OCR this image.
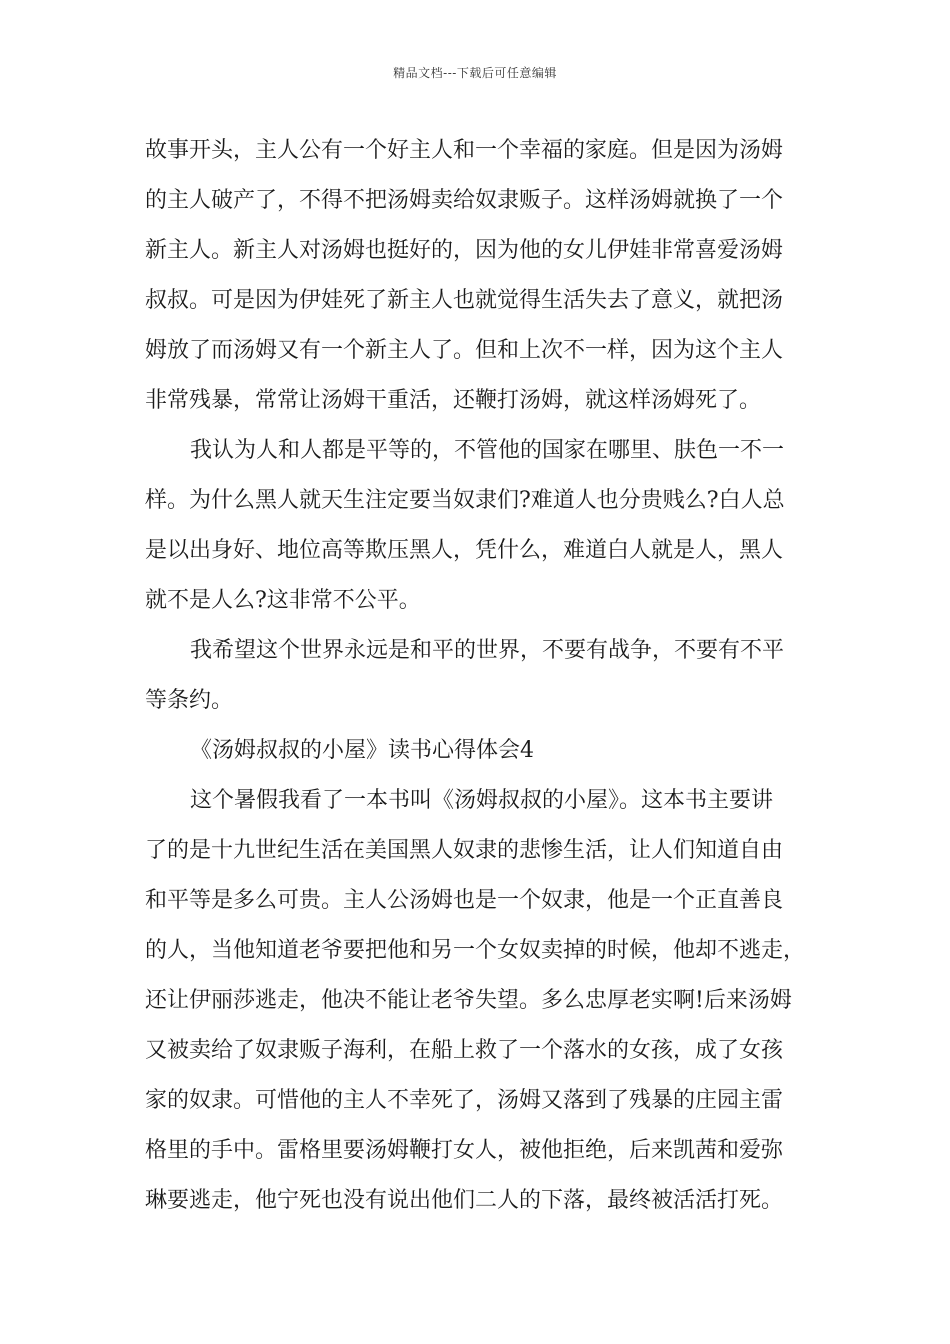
精品文档---下载后可任意编辑
故事开头，主人公有一个好主人和一个幸福的家庭。但是因为汤姆
的主人破产了，不得不把汤姆卖给奴隶贩子。这样汤姆就换了一个
新主人。新主人对汤姆也挺好的，因为他的女儿伊娃非常喜爱汤姆
叔叔。可是因为伊娃死了新主人也就觉得生活失去了意义，就把汤
姆放了而汤姆又有一个新主人了。但和上次不一样，因为这个主人
非常残暴，常常让汤姆干重活，还鞭打汤姆，就这样汤姆死了。
我认为人和人都是平等的，不管他的国家在哪里、肤色一不一
样。为什么黑人就天生注定要当奴隶们?难道人也分贵贱么?白人总
是以出身好、地位高等欺压黑人，凭什么，难道白人就是人，黑人
就不是人么?这非常不公平。
我希望这个世界永远是和平的世界，不要有战争，不要有不平
等条约。
《汤姆叔叔的小屋》读书心得体会4
这个暑假我看了一本书叫《汤姆叔叔的小屋》。这本书主要讲
了的是十九世纪生活在美国黑人奴隶的悲惨生活，让人们知道自由
和平等是多么可贵。主人公汤姆也是一个奴隶，他是一个正直善良
的人，当他知道老爷要把他和另一个女奴卖掉的时候，他却不逃走，
还让伊丽莎逃走，他决不能让老爷失望。多么忠厚老实啊!后来汤姆
又被卖给了奴隶贩子海利，在船上救了一个落水的女孩，成了女孩
家的奴隶。可惜他的主人不幸死了，汤姆又落到了残暴的庄园主雷
格里的手中。雷格里要汤姆鞭打女人，被他拒绝，后来凯茜和爱弥
琳要逃走，他宁死也没有说出他们二人的下落，最终被活活打死。
